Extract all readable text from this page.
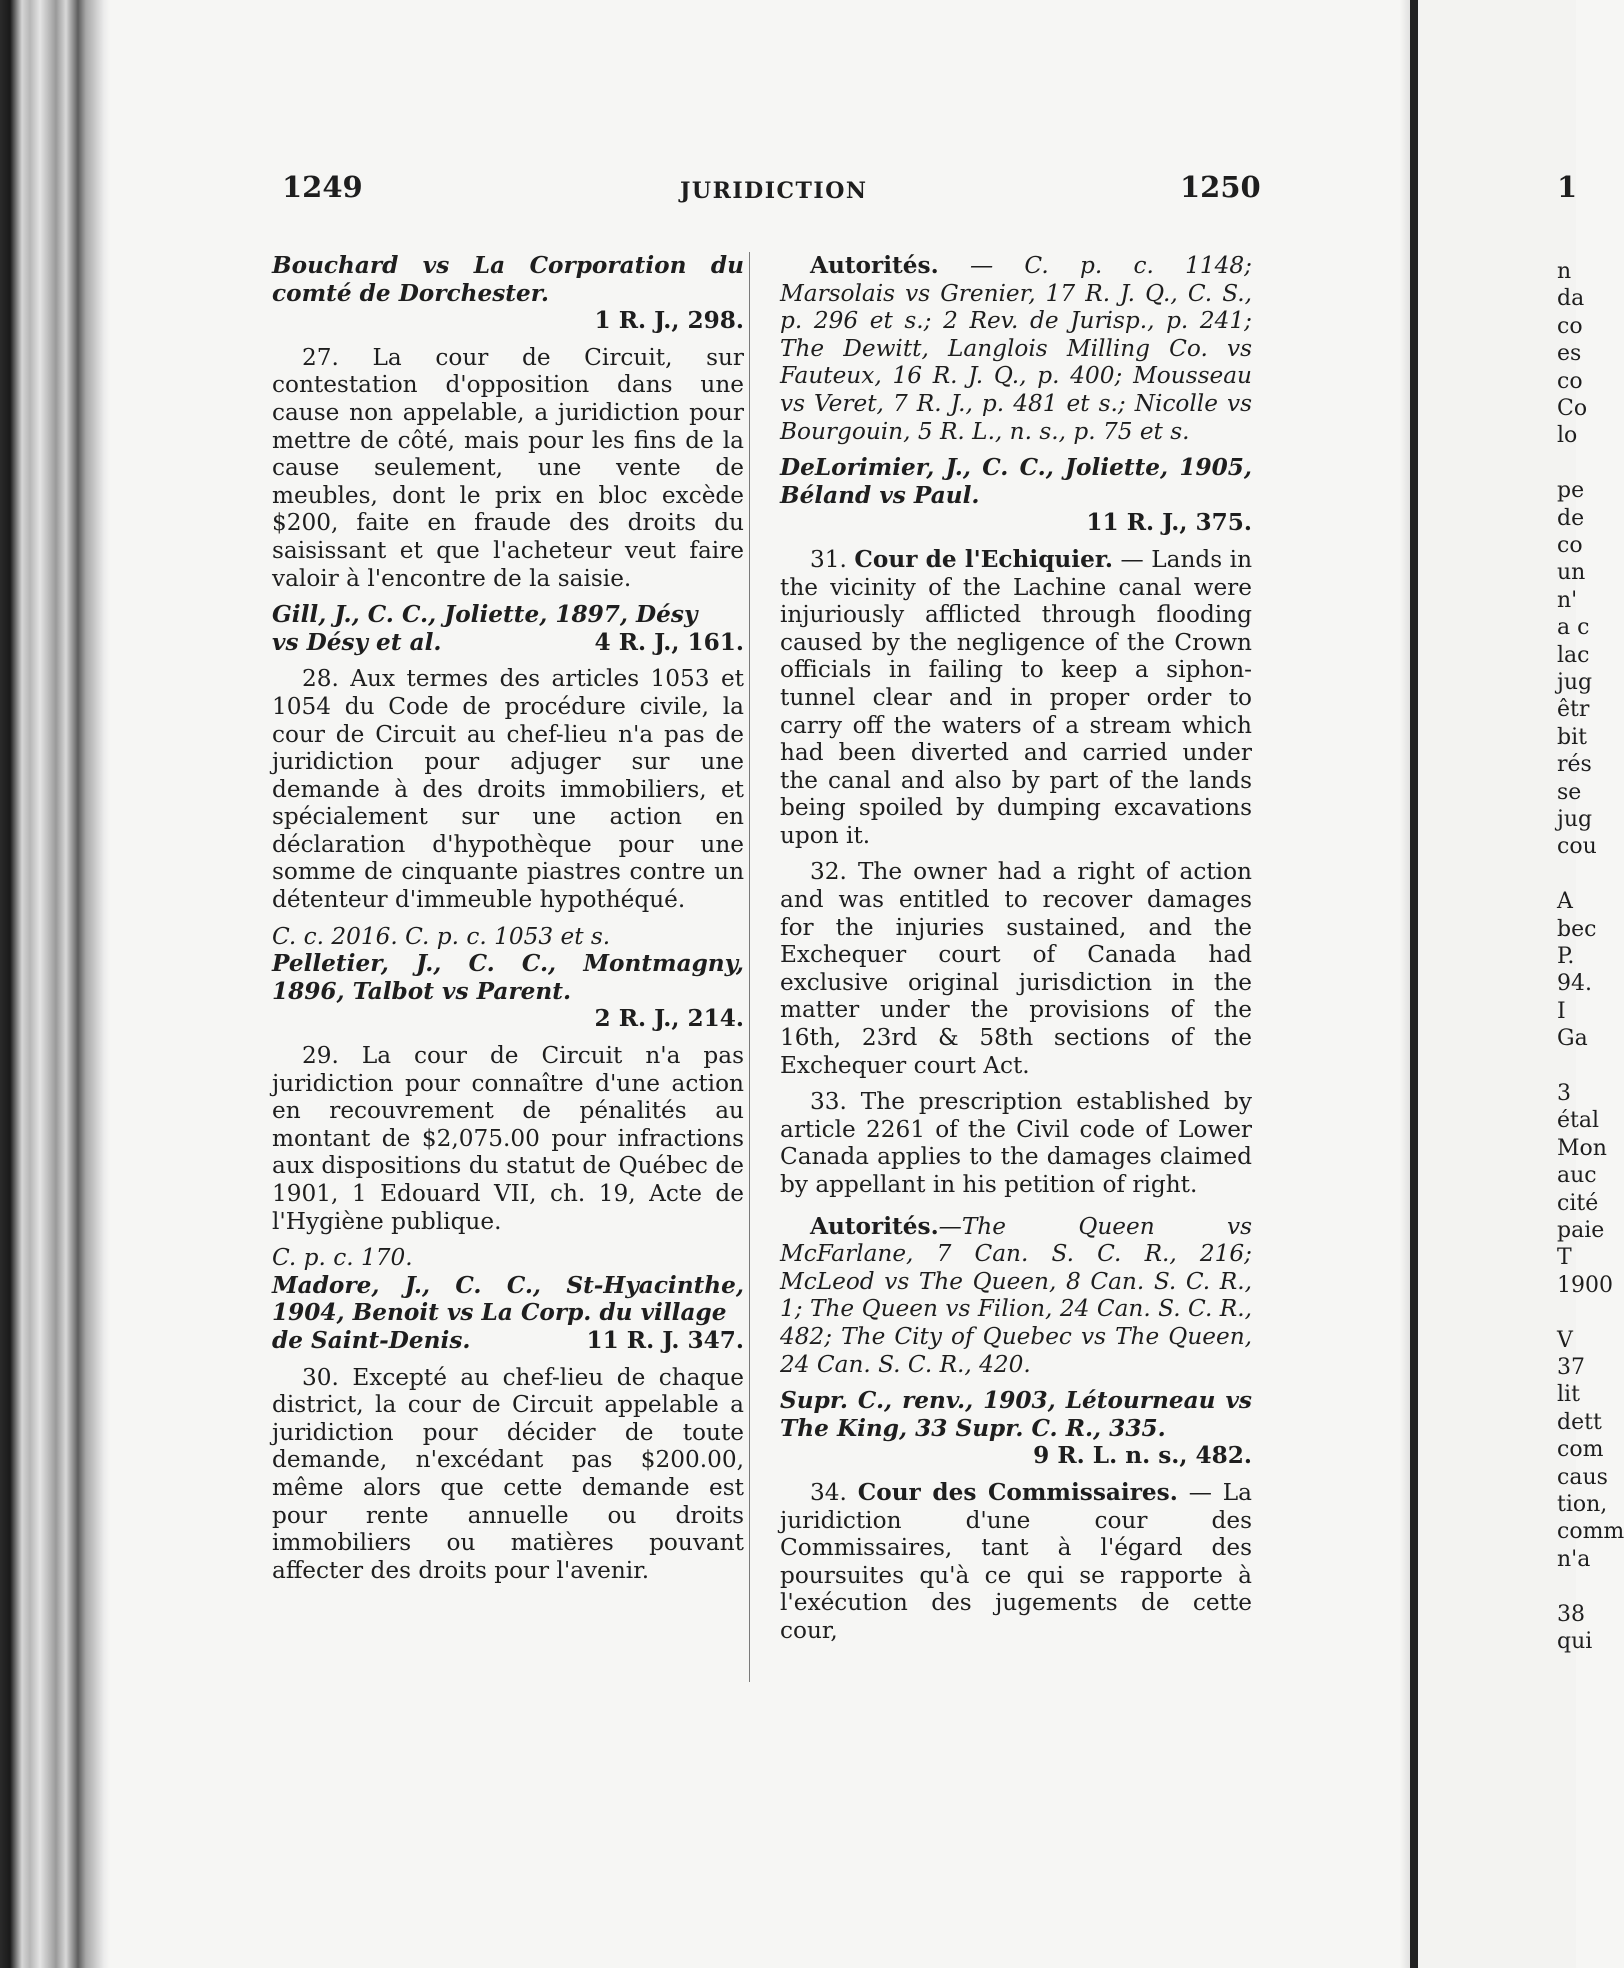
1249	JURIDICTION	1250	1

Bouchard vs La Corporation du comté de Dorchester.

1 R. J., 298.

27. La cour de Circuit, sur contestation d'opposition dans une cause non appelable, a juridiction pour mettre de côté, mais pour les fins de la cause seulement, une vente de meubles, dont le prix en bloc excède $200, faite en fraude des droits du saisissant et que l'acheteur veut faire valoir à l'encontre de la saisie.

Gill, J., C. C., Joliette, 1897, Désy

vs Désy et al.	4 R. J., 161.

28. Aux termes des articles 1053 et 1054 du Code de procédure civile, la cour de Circuit au chef-lieu n'a pas de juridiction pour adjuger sur une demande à des droits immobiliers, et spécialement sur une action en déclaration d'hypothèque pour une somme de cinquante piastres contre un détenteur d'immeuble hypothéqué.

C. c. 2016. C. p. c. 1053 et s.

Pelletier, J., C. C., Montmagny, 1896, Talbot vs Parent.

2 R. J., 214.

29. La cour de Circuit n'a pas juridiction pour connaître d'une action en recouvrement de pénalités au montant de $2,075.00 pour infractions aux dispositions du statut de Québec de 1901, 1 Edouard VII, ch. 19, Acte de l'Hygiène publique.

C. p. c. 170.

Madore, J., C. C., St-Hyacinthe, 1904, Benoit vs La Corp. du village

de Saint-Denis.	11 R. J. 347.

30. Excepté au chef-lieu de chaque district, la cour de Circuit appelable a juridiction pour décider de toute demande, n'excédant pas $200.00, même alors que cette demande est pour rente annuelle ou droits immobiliers ou matières pouvant affecter des droits pour l'avenir.

Autorités. — C. p. c. 1148; Marsolais vs Grenier, 17 R. J. Q., C. S., p. 296 et s.; 2 Rev. de Jurisp., p. 241; The Dewitt, Langlois Milling Co. vs Fauteux, 16 R. J. Q., p. 400; Mousseau vs Veret, 7 R. J., p. 481 et s.; Nicolle vs Bourgouin, 5 R. L., n. s., p. 75 et s.

DeLorimier, J., C. C., Joliette, 1905, Béland vs Paul.

11 R. J., 375.

31. Cour de l'Echiquier. — Lands in the vicinity of the Lachine canal were injuriously afflicted through flooding caused by the negligence of the Crown officials in failing to keep a siphon-tunnel clear and in proper order to carry off the waters of a stream which had been diverted and carried under the canal and also by part of the lands being spoiled by dumping excavations upon it.

32. The owner had a right of action and was entitled to recover damages for the injuries sustained, and the Exchequer court of Canada had exclusive original jurisdiction in the matter under the provisions of the 16th, 23rd & 58th sections of the Exchequer court Act.

33. The prescription established by article 2261 of the Civil code of Lower Canada applies to the damages claimed by appellant in his petition of right.

Autorités.—The Queen vs McFarlane, 7 Can. S. C. R., 216; McLeod vs The Queen, 8 Can. S. C. R., 1; The Queen vs Filion, 24 Can. S. C. R., 482; The City of Quebec vs The Queen, 24 Can. S. C. R., 420.

Supr. C., renv., 1903, Létourneau vs The King, 33 Supr. C. R., 335.

9 R. L. n. s., 482.

34. Cour des Commissaires. — La juridiction d'une cour des Commissaires, tant à l'égard des poursuites qu'à ce qui se rapporte à l'exécution des jugements de cette cour,

n
da
co
es
co
Co
lo
pe
de
co
un
n'
a c
lac
jug
êtr
bit
rés
se
jug
cou
A
bec
P.
94.
I
Ga
3
étal
Mon
auc
cité
paie
T
1900
V
37
lit
dett
com
caus
tion,
comm
n'a
38
qui
